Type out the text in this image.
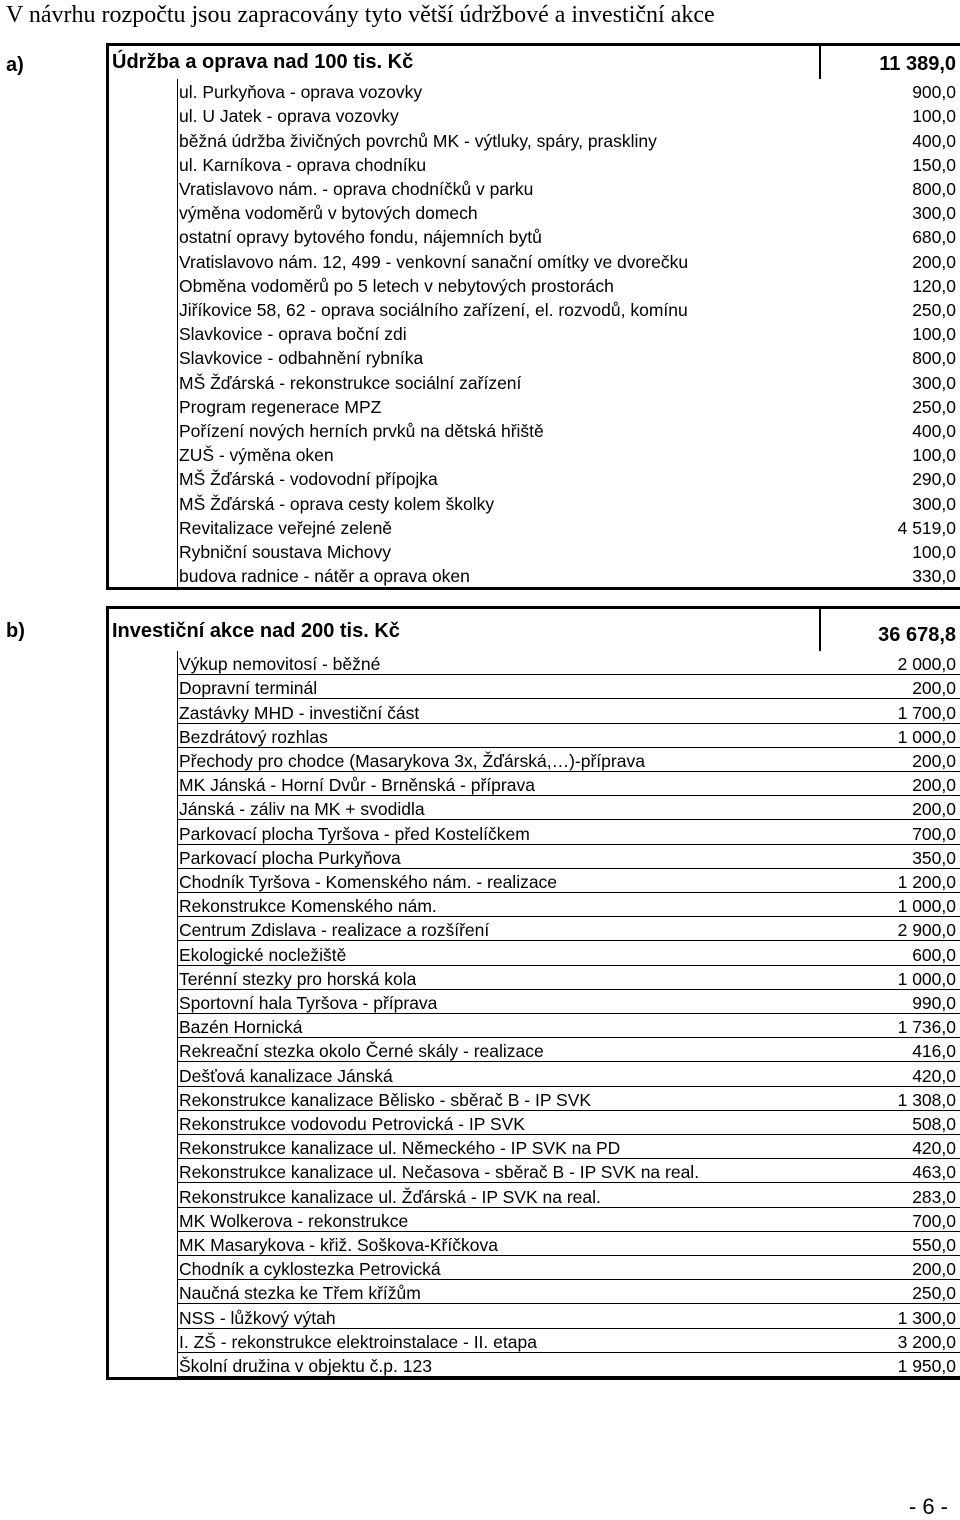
V návrhu rozpočtu jsou zapracovány tyto větší údržbové a investiční akce
a)	Údržba a oprava nad 100 tis. Kč	11 389,0
ul. Purkyňova - oprava vozovky	900,0
ul. U Jatek - oprava vozovky	100,0
běžná údržba živičných povrchů MK - výtluky, spáry, praskliny	400,0
ul. Karníkova - oprava chodníku	150,0
Vratislavovo nám. - oprava chodníčků v parku	800,0
výměna vodoměrů v bytových domech	300,0
ostatní opravy bytového fondu, nájemních bytů	680,0
Vratislavovo nám. 12, 499 - venkovní sanační omítky ve dvorečku	200,0
Obměna vodoměrů po 5 letech v nebytových prostorách	120,0
Jiříkovice 58, 62 - oprava sociálního zařízení, el. rozvodů, komínu	250,0
Slavkovice - oprava boční zdi	100,0
Slavkovice - odbahnění rybníka	800,0
MŠ Žďárská - rekonstrukce sociální zařízení	300,0
Program regenerace MPZ	250,0
Pořízení nových herních prvků na dětská hřiště	400,0
ZUŠ - výměna oken	100,0
MŠ Žďárská - vodovodní přípojka	290,0
MŠ Žďárská - oprava cesty kolem školky	300,0
Revitalizace veřejné zeleně	4 519,0
Rybniční soustava Michovy	100,0
budova radnice - nátěr a oprava oken	330,0
b)	Investiční akce nad 200 tis. Kč	36 678,8
Výkup nemovitosí - běžné	2 000,0
Dopravní terminál	200,0
Zastávky MHD - investiční část	1 700,0
Bezdrátový rozhlas	1 000,0
Přechody pro chodce (Masarykova 3x, Žďárská,…)-příprava	200,0
MK Jánská - Horní Dvůr - Brněnská - příprava	200,0
Jánská - záliv na MK + svodidla	200,0
Parkovací plocha Tyršova - před Kostelíčkem	700,0
Parkovací plocha Purkyňova	350,0
Chodník Tyršova - Komenského nám. - realizace	1 200,0
Rekonstrukce Komenského nám.	1 000,0
Centrum Zdislava - realizace a rozšíření	2 900,0
Ekologické nocležiště	600,0
Terénní stezky pro horská kola	1 000,0
Sportovní hala Tyršova - příprava	990,0
Bazén Hornická	1 736,0
Rekreační stezka okolo Černé skály - realizace	416,0
Dešťová kanalizace Jánská	420,0
Rekonstrukce kanalizace Bělisko - sběrač B - IP SVK	1 308,0
Rekonstrukce vodovodu Petrovická - IP SVK	508,0
Rekonstrukce kanalizace ul. Německého - IP SVK na PD	420,0
Rekonstrukce kanalizace ul. Nečasova - sběrač B - IP SVK na real.	463,0
Rekonstrukce kanalizace ul. Žďárská - IP SVK na real.	283,0
MK Wolkerova - rekonstrukce	700,0
MK Masarykova - křiž. Soškova-Kříčkova	550,0
Chodník a cyklostezka Petrovická	200,0
Naučná stezka ke Třem křížům	250,0
NSS - lůžkový výtah	1 300,0
I. ZŠ - rekonstrukce elektroinstalace - II. etapa	3 200,0
Školní družina v objektu č.p. 123	1 950,0
- 6 -
